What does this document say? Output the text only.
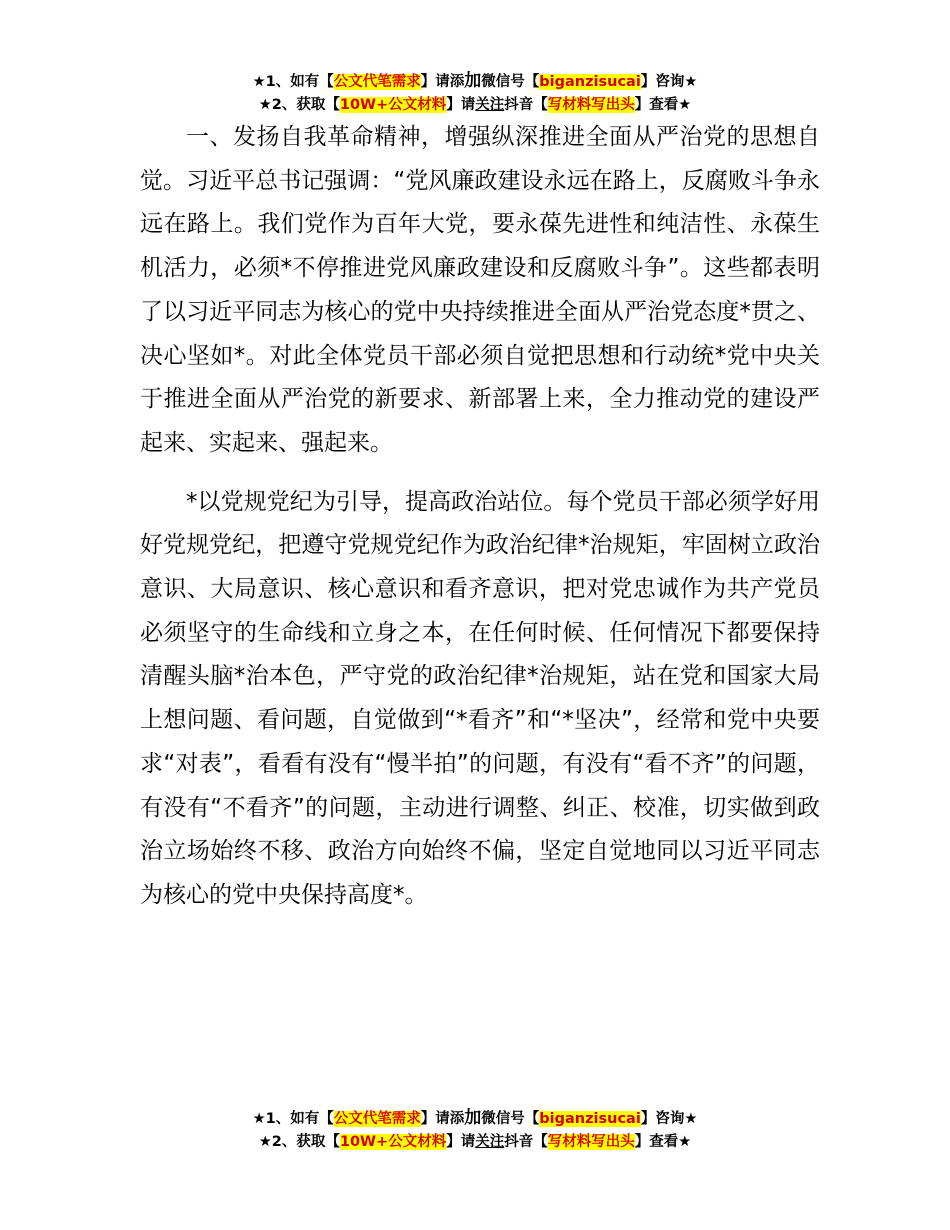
★1、如有【公文代笔需求】请添加微信号【biganzisucai】咨询★
★2、获取【10W+公文材料】请关注抖音【写材料写出头】查看★

一、发扬自我革命精神，增强纵深推进全面从严治党的思想自觉。习近平总书记强调：“党风廉政建设永远在路上，反腐败斗争永远在路上。我们党作为百年大党，要永葆先进性和纯洁性、永葆生机活力，必须*不停推进党风廉政建设和反腐败斗争”。这些都表明了以习近平同志为核心的党中央持续推进全面从严治党态度*贯之、决心坚如*。对此全体党员干部必须自觉把思想和行动统*党中央关于推进全面从严治党的新要求、新部署上来，全力推动党的建设严起来、实起来、强起来。

*以党规党纪为引导，提高政治站位。每个党员干部必须学好用好党规党纪，把遵守党规党纪作为政治纪律*治规矩，牢固树立政治意识、大局意识、核心意识和看齐意识，把对党忠诚作为共产党员必须坚守的生命线和立身之本，在任何时候、任何情况下都要保持清醒头脑*治本色，严守党的政治纪律*治规矩，站在党和国家大局上想问题、看问题，自觉做到“*看齐”和“*坚决”，经常和党中央要求“对表”，看看有没有“慢半拍”的问题，有没有“看不齐”的问题，有没有“不看齐”的问题，主动进行调整、纠正、校准，切实做到政治立场始终不移、政治方向始终不偏，坚定自觉地同以习近平同志为核心的党中央保持高度*。

★1、如有【公文代笔需求】请添加微信号【biganzisucai】咨询★
★2、获取【10W+公文材料】请关注抖音【写材料写出头】查看★
